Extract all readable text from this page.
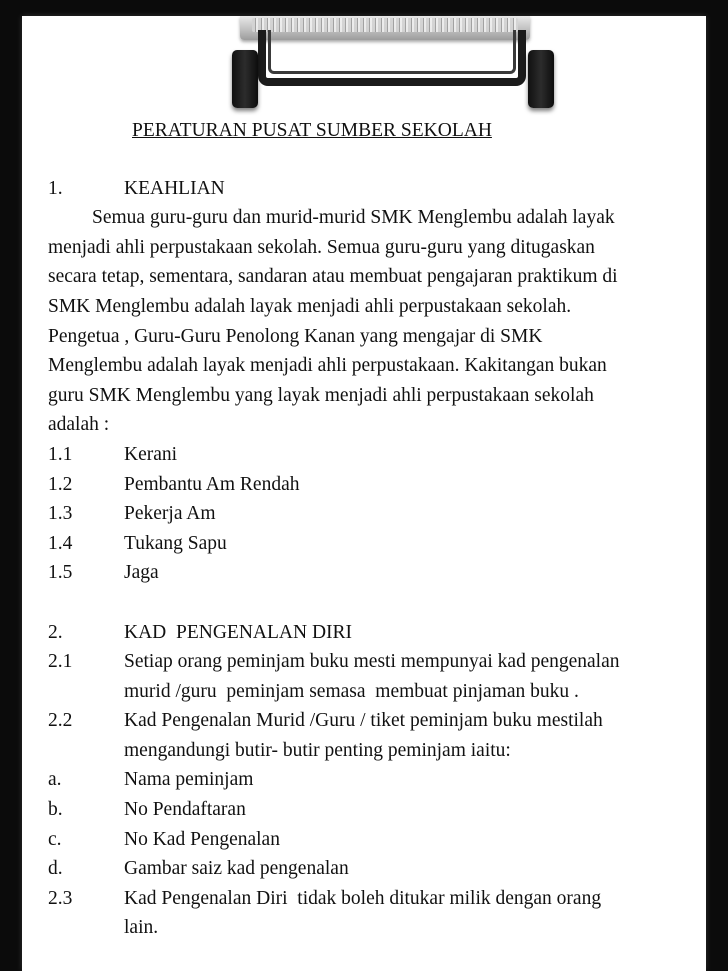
PERATURAN PUSAT SUMBER SEKOLAH
1.	KEAHLIAN
Semua guru-guru dan murid-murid SMK Menglembu adalah layak
menjadi ahli perpustakaan sekolah. Semua guru-guru yang ditugaskan
secara tetap, sementara, sandaran atau membuat pengajaran praktikum di
SMK Menglembu adalah layak menjadi ahli perpustakaan sekolah.
Pengetua , Guru-Guru Penolong Kanan yang mengajar di SMK
Menglembu adalah layak menjadi ahli perpustakaan. Kakitangan bukan
guru SMK Menglembu yang layak menjadi ahli perpustakaan sekolah
adalah :
1.1	Kerani
1.2	Pembantu Am Rendah
1.3	Pekerja Am
1.4	Tukang Sapu
1.5	Jaga
2.	KAD  PENGENALAN DIRI
2.1	Setiap orang peminjam buku mesti mempunyai kad pengenalan
murid /guru  peminjam semasa  membuat pinjaman buku .
2.2	Kad Pengenalan Murid /Guru / tiket peminjam buku mestilah
mengandungi butir- butir penting peminjam iaitu:
a.	Nama peminjam
b.	No Pendaftaran
c.	No Kad Pengenalan
d.	Gambar saiz kad pengenalan
2.3	Kad Pengenalan Diri  tidak boleh ditukar milik dengan orang
lain.
